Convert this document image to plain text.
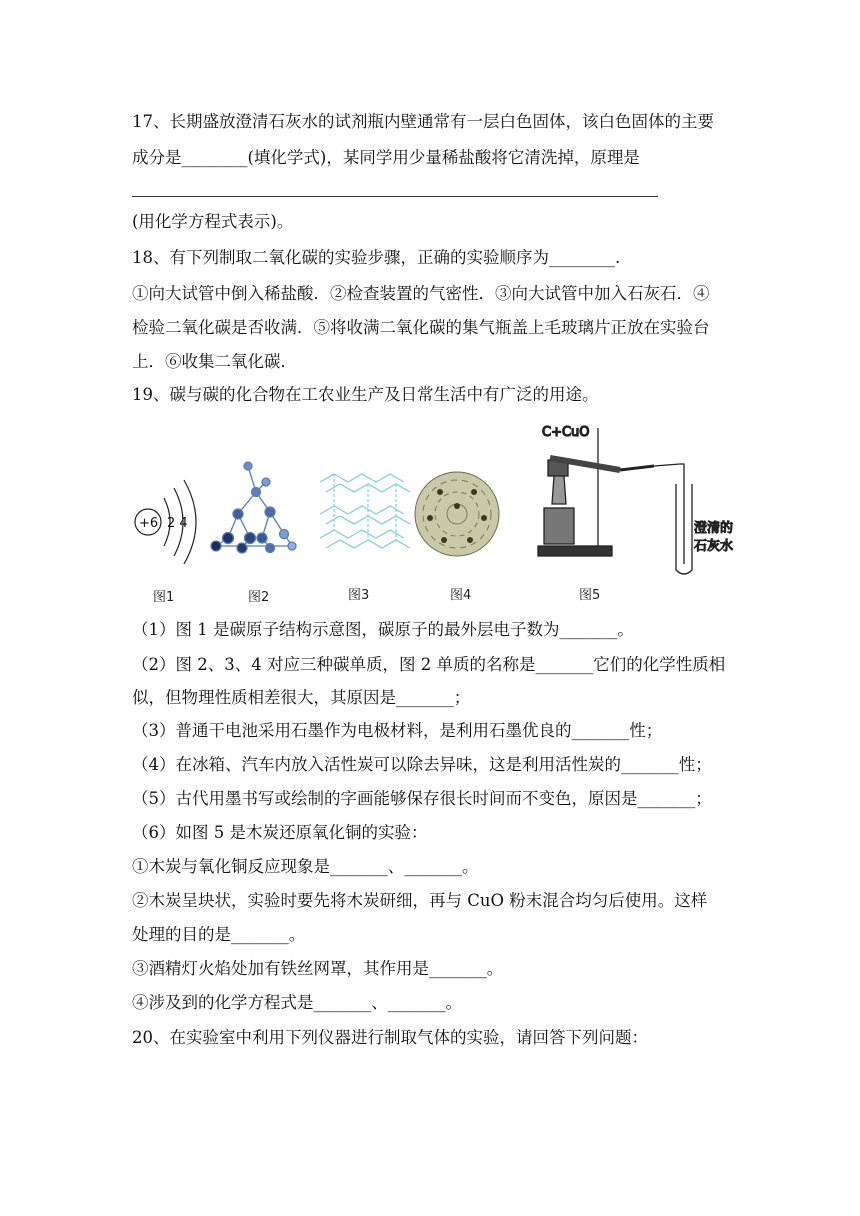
17、长期盛放澄清石灰水的试剂瓶内壁通常有一层白色固体，该白色固体的主要
成分是________(填化学式)，某同学用少量稀盐酸将它清洗掉，原理是
(用化学方程式表示)。
18、有下列制取二氧化碳的实验步骤，正确的实验顺序为________.
①向大试管中倒入稀盐酸．②检查装置的气密性．③向大试管中加入石灰石．④
检验二氧化碳是否收满．⑤将收满二氧化碳的集气瓶盖上毛玻璃片正放在实验台
上．⑥收集二氧化碳．
19、碳与碳的化合物在工农业生产及日常生活中有广泛的用途。
+6 2 4
C+CuO
澄清的
石灰水
图1	图2	图3	图4	图5
（1）图 1 是碳原子结构示意图，碳原子的最外层电子数为_______。
（2）图 2、3、4 对应三种碳单质，图 2 单质的名称是_______它们的化学性质相
似，但物理性质相差很大，其原因是_______；
（3）普通干电池采用石墨作为电极材料，是利用石墨优良的_______性；
（4）在冰箱、汽车内放入活性炭可以除去异味，这是利用活性炭的_______性；
（5）古代用墨书写或绘制的字画能够保存很长时间而不变色，原因是_______；
（6）如图 5 是木炭还原氧化铜的实验：
①木炭与氧化铜反应现象是_______、_______。
②木炭呈块状，实验时要先将木炭研细，再与 CuO 粉末混合均匀后使用。这样
处理的目的是_______。
③酒精灯火焰处加有铁丝网罩，其作用是_______。
④涉及到的化学方程式是_______、_______。
20、在实验室中利用下列仪器进行制取气体的实验，请回答下列问题：
